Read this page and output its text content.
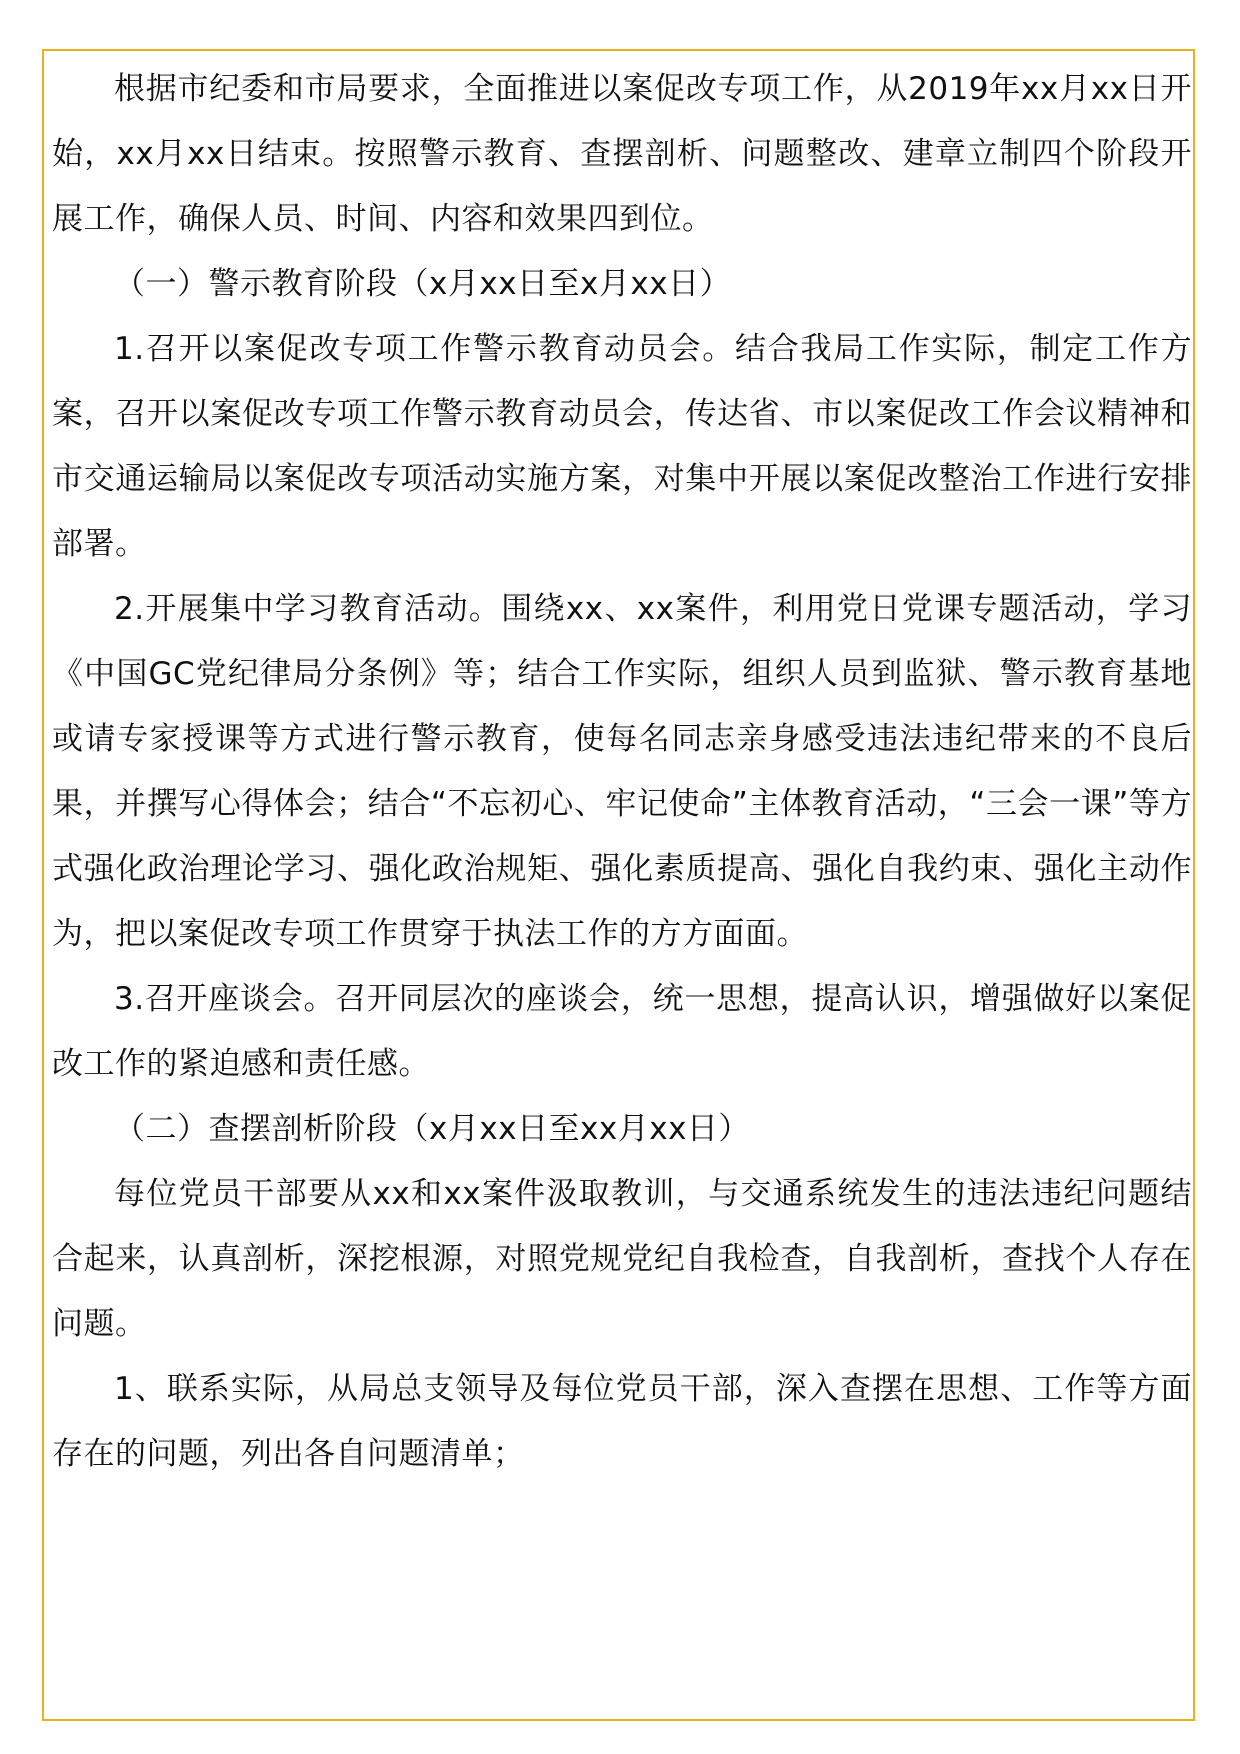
根据市纪委和市局要求，全面推进以案促改专项工作，从2019年xx月xx日开始，xx月xx日结束。按照警示教育、查摆剖析、问题整改、建章立制四个阶段开展工作，确保人员、时间、内容和效果四到位。

（一）警示教育阶段（x月xx日至x月xx日）

1.召开以案促改专项工作警示教育动员会。结合我局工作实际，制定工作方案，召开以案促改专项工作警示教育动员会，传达省、市以案促改工作会议精神和市交通运输局以案促改专项活动实施方案，对集中开展以案促改整治工作进行安排部署。

2.开展集中学习教育活动。围绕xx、xx案件，利用党日党课专题活动，学习《中国GC党纪律局分条例》等；结合工作实际，组织人员到监狱、警示教育基地或请专家授课等方式进行警示教育，使每名同志亲身感受违法违纪带来的不良后果，并撰写心得体会；结合“不忘初心、牢记使命”主体教育活动，“三会一课”等方式强化政治理论学习、强化政治规矩、强化素质提高、强化自我约束、强化主动作为，把以案促改专项工作贯穿于执法工作的方方面面。

3.召开座谈会。召开同层次的座谈会，统一思想，提高认识，增强做好以案促改工作的紧迫感和责任感。

（二）查摆剖析阶段（x月xx日至xx月xx日）

每位党员干部要从xx和xx案件汲取教训，与交通系统发生的违法违纪问题结合起来，认真剖析，深挖根源，对照党规党纪自我检查，自我剖析，查找个人存在问题。

1、联系实际，从局总支领导及每位党员干部，深入查摆在思想、工作等方面存在的问题，列出各自问题清单；
